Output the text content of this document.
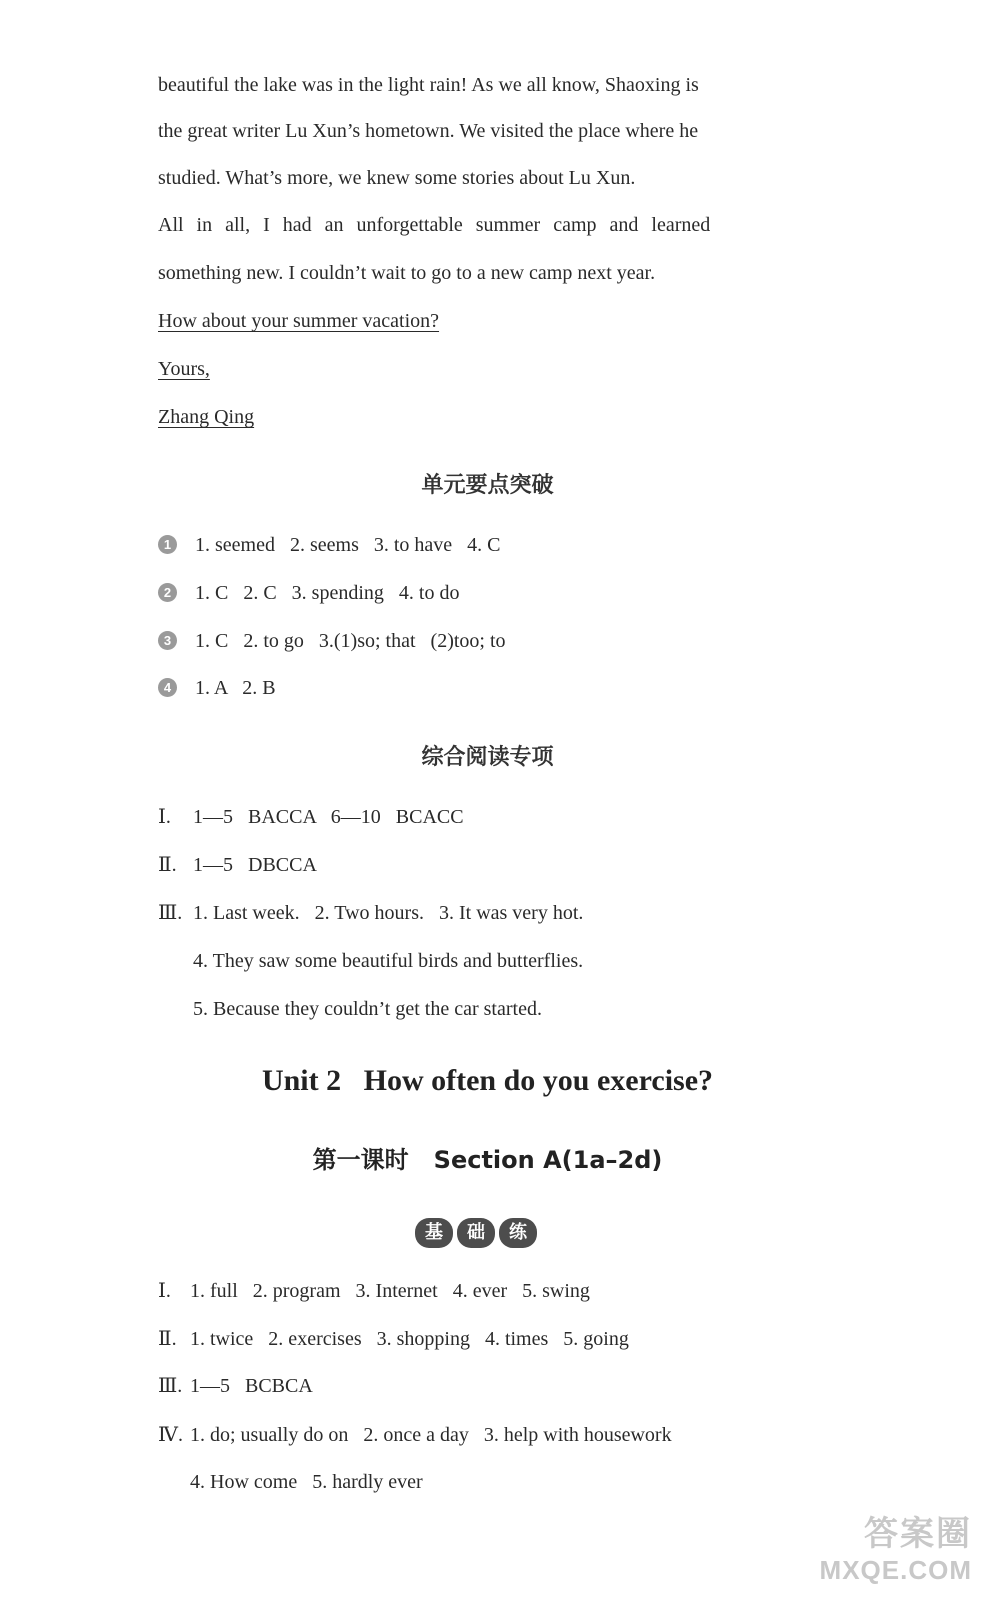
beautiful the lake was in the light rain! As we all know, Shaoxing is
the great writer Lu Xun’s hometown. We visited the place where he
studied. What’s more, we knew some stories about Lu Xun.
All in all, I had an unforgettable summer camp and learned
something new. I couldn’t wait to go to a new camp next year.
How about your summer vacation?
Yours,
Zhang Qing
单元要点突破
1 1. seemed   2. seems   3. to have   4. C
2 1. C   2. C   3. spending   4. to do
3 1. C   2. to go   3.(1)so; that   (2)too; to
4 1. A   2. B
综合阅读专项
Ⅰ. 1—5   BACCA   6—10   BCACC
Ⅱ. 1—5   DBCCA
Ⅲ. 1. Last week.   2. Two hours.   3. It was very hot.
4. They saw some beautiful birds and butterflies.
5. Because they couldn’t get the car started.
Unit 2   How often do you exercise?
第一课时   Section A(1a–2d)
基	础	练
Ⅰ. 1. full   2. program   3. Internet   4. ever   5. swing
Ⅱ. 1. twice   2. exercises   3. shopping   4. times   5. going
Ⅲ. 1—5   BCBCA
Ⅳ. 1. do; usually do on   2. once a day   3. help with housework
4. How come   5. hardly ever
答案圈
MXQE.COM
